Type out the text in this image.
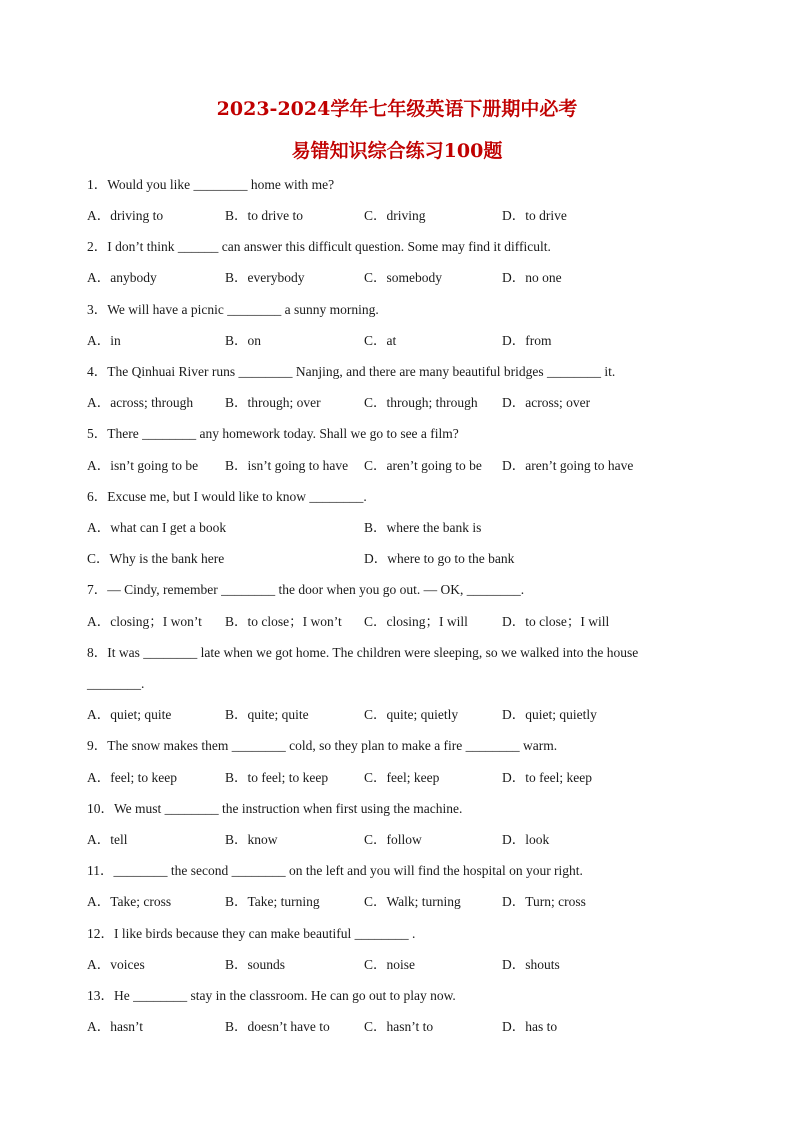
2023-2024学年七年级英语下册期中必考
易错知识综合练习100题
1．Would you like ________ home with me?
A．driving to	B．to drive to	C．driving	D．to drive
2．I don’t think ______ can answer this difficult question. Some may find it difficult.
A．anybody	B．everybody	C．somebody	D．no one
3．We will have a picnic ________ a sunny morning.
A．in	B．on	C．at	D．from
4．The Qinhuai River runs ________ Nanjing, and there are many beautiful bridges ________ it.
A．across; through B．through; over	C．through; through D．across; over
5．There ________ any homework today. Shall we go to see a film?
A．isn’t going to be B．isn’t going to have C．aren’t going to be D．aren’t going to have
6．Excuse me, but I would like to know ________.
A．what can I get a book	B．where the bank is
C．Why is the bank here	D．where to go to the bank
7．— Cindy, remember ________ the door when you go out. — OK, ________.
A．closing；I won’t B．to close；I won’t C．closing；I will	D．to close；I will
8．It was ________ late when we got home. The children were sleeping, so we walked into the house
________.
A．quiet; quite	B．quite; quite	C．quite; quietly	D．quiet; quietly
9．The snow makes them ________ cold, so they plan to make a fire ________ warm.
A．feel; to keep	B．to feel; to keep	C．feel; keep	D．to feel; keep
10．We must ________ the instruction when first using the machine.
A．tell	B．know	C．follow	D．look
11．________ the second ________ on the left and you will find the hospital on your right.
A．Take; cross	B．Take; turning	C．Walk; turning	D．Turn; cross
12．I like birds because they can make beautiful ________ .
A．voices	B．sounds	C．noise	D．shouts
13．He ________ stay in the classroom. He can go out to play now.
A．hasn’t	B．doesn’t have to	C．hasn’t to	D．has to
